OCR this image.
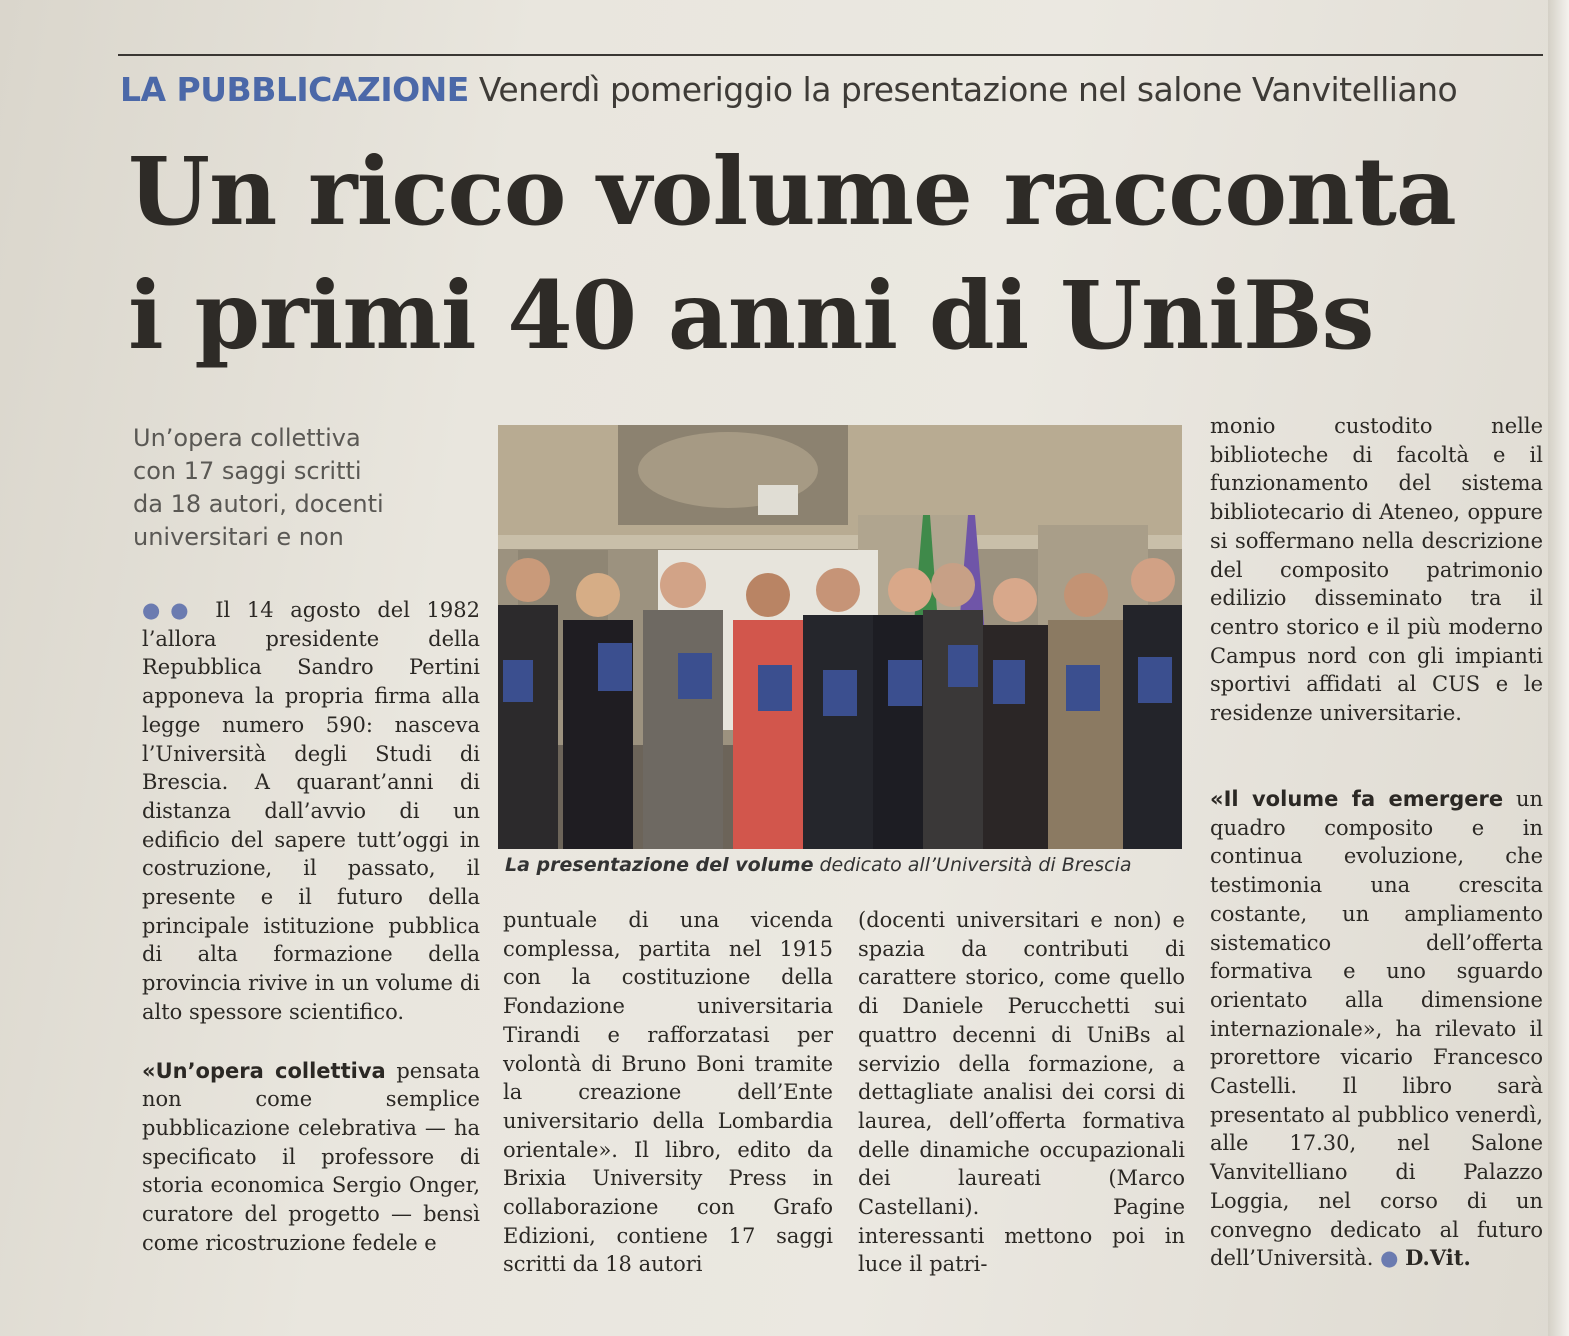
LA PUBBLICAZIONE Venerdì pomeriggio la presentazione nel salone Vanvitelliano
Un ricco volume racconta
i primi 40 anni di UniBs
Un’opera collettiva
con 17 saggi scritti
da 18 autori, docenti
universitari e non
●● Il 14 agosto del 1982 l’allora presidente della Repubblica Sandro Pertini apponeva la propria firma alla legge numero 590: nasceva l’Università degli Studi di Brescia. A quarant’anni di distanza dall’avvio di un edificio del sapere tutt’oggi in costruzione, il passato, il presente e il futuro della principale istituzione pubblica di alta formazione della provincia rivive in un volume di alto spessore scientifico.
«Un’opera collettiva pensata non come semplice pubblicazione celebrativa — ha specificato il professore di storia economica Sergio Onger, curatore del progetto — bensì come ricostruzione fedele e
La presentazione del volume dedicato all’Università di Brescia
puntuale di una vicenda complessa, partita nel 1915 con la costituzione della Fondazione universitaria Tirandi e rafforzatasi per volontà di Bruno Boni tramite la creazione dell’Ente universitario della Lombardia orientale». Il libro, edito da Brixia University Press in collaborazione con Grafo Edizioni, contiene 17 saggi scritti da 18 autori
(docenti universitari e non) e spazia da contributi di carattere storico, come quello di Daniele Perucchetti sui quattro decenni di UniBs al servizio della formazione, a dettagliate analisi dei corsi di laurea, dell’offerta formativa delle dinamiche occupazionali dei laureati (Marco Castellani). Pagine interessanti mettono poi in luce il patri-
monio custodito nelle biblioteche di facoltà e il funzionamento del sistema bibliotecario di Ateneo, oppure si soffermano nella descrizione del composito patrimonio edilizio disseminato tra il centro storico e il più moderno Campus nord con gli impianti sportivi affidati al CUS e le residenze universitarie.
«Il volume fa emergere un quadro composito e in continua evoluzione, che testimonia una crescita costante, un ampliamento sistematico dell’offerta formativa e uno sguardo orientato alla dimensione internazionale», ha rilevato il prorettore vicario Francesco Castelli. Il libro sarà presentato al pubblico venerdì, alle 17.30, nel Salone Vanvitelliano di Palazzo Loggia, nel corso di un convegno dedicato al futuro dell’Università. ● D.Vit.
